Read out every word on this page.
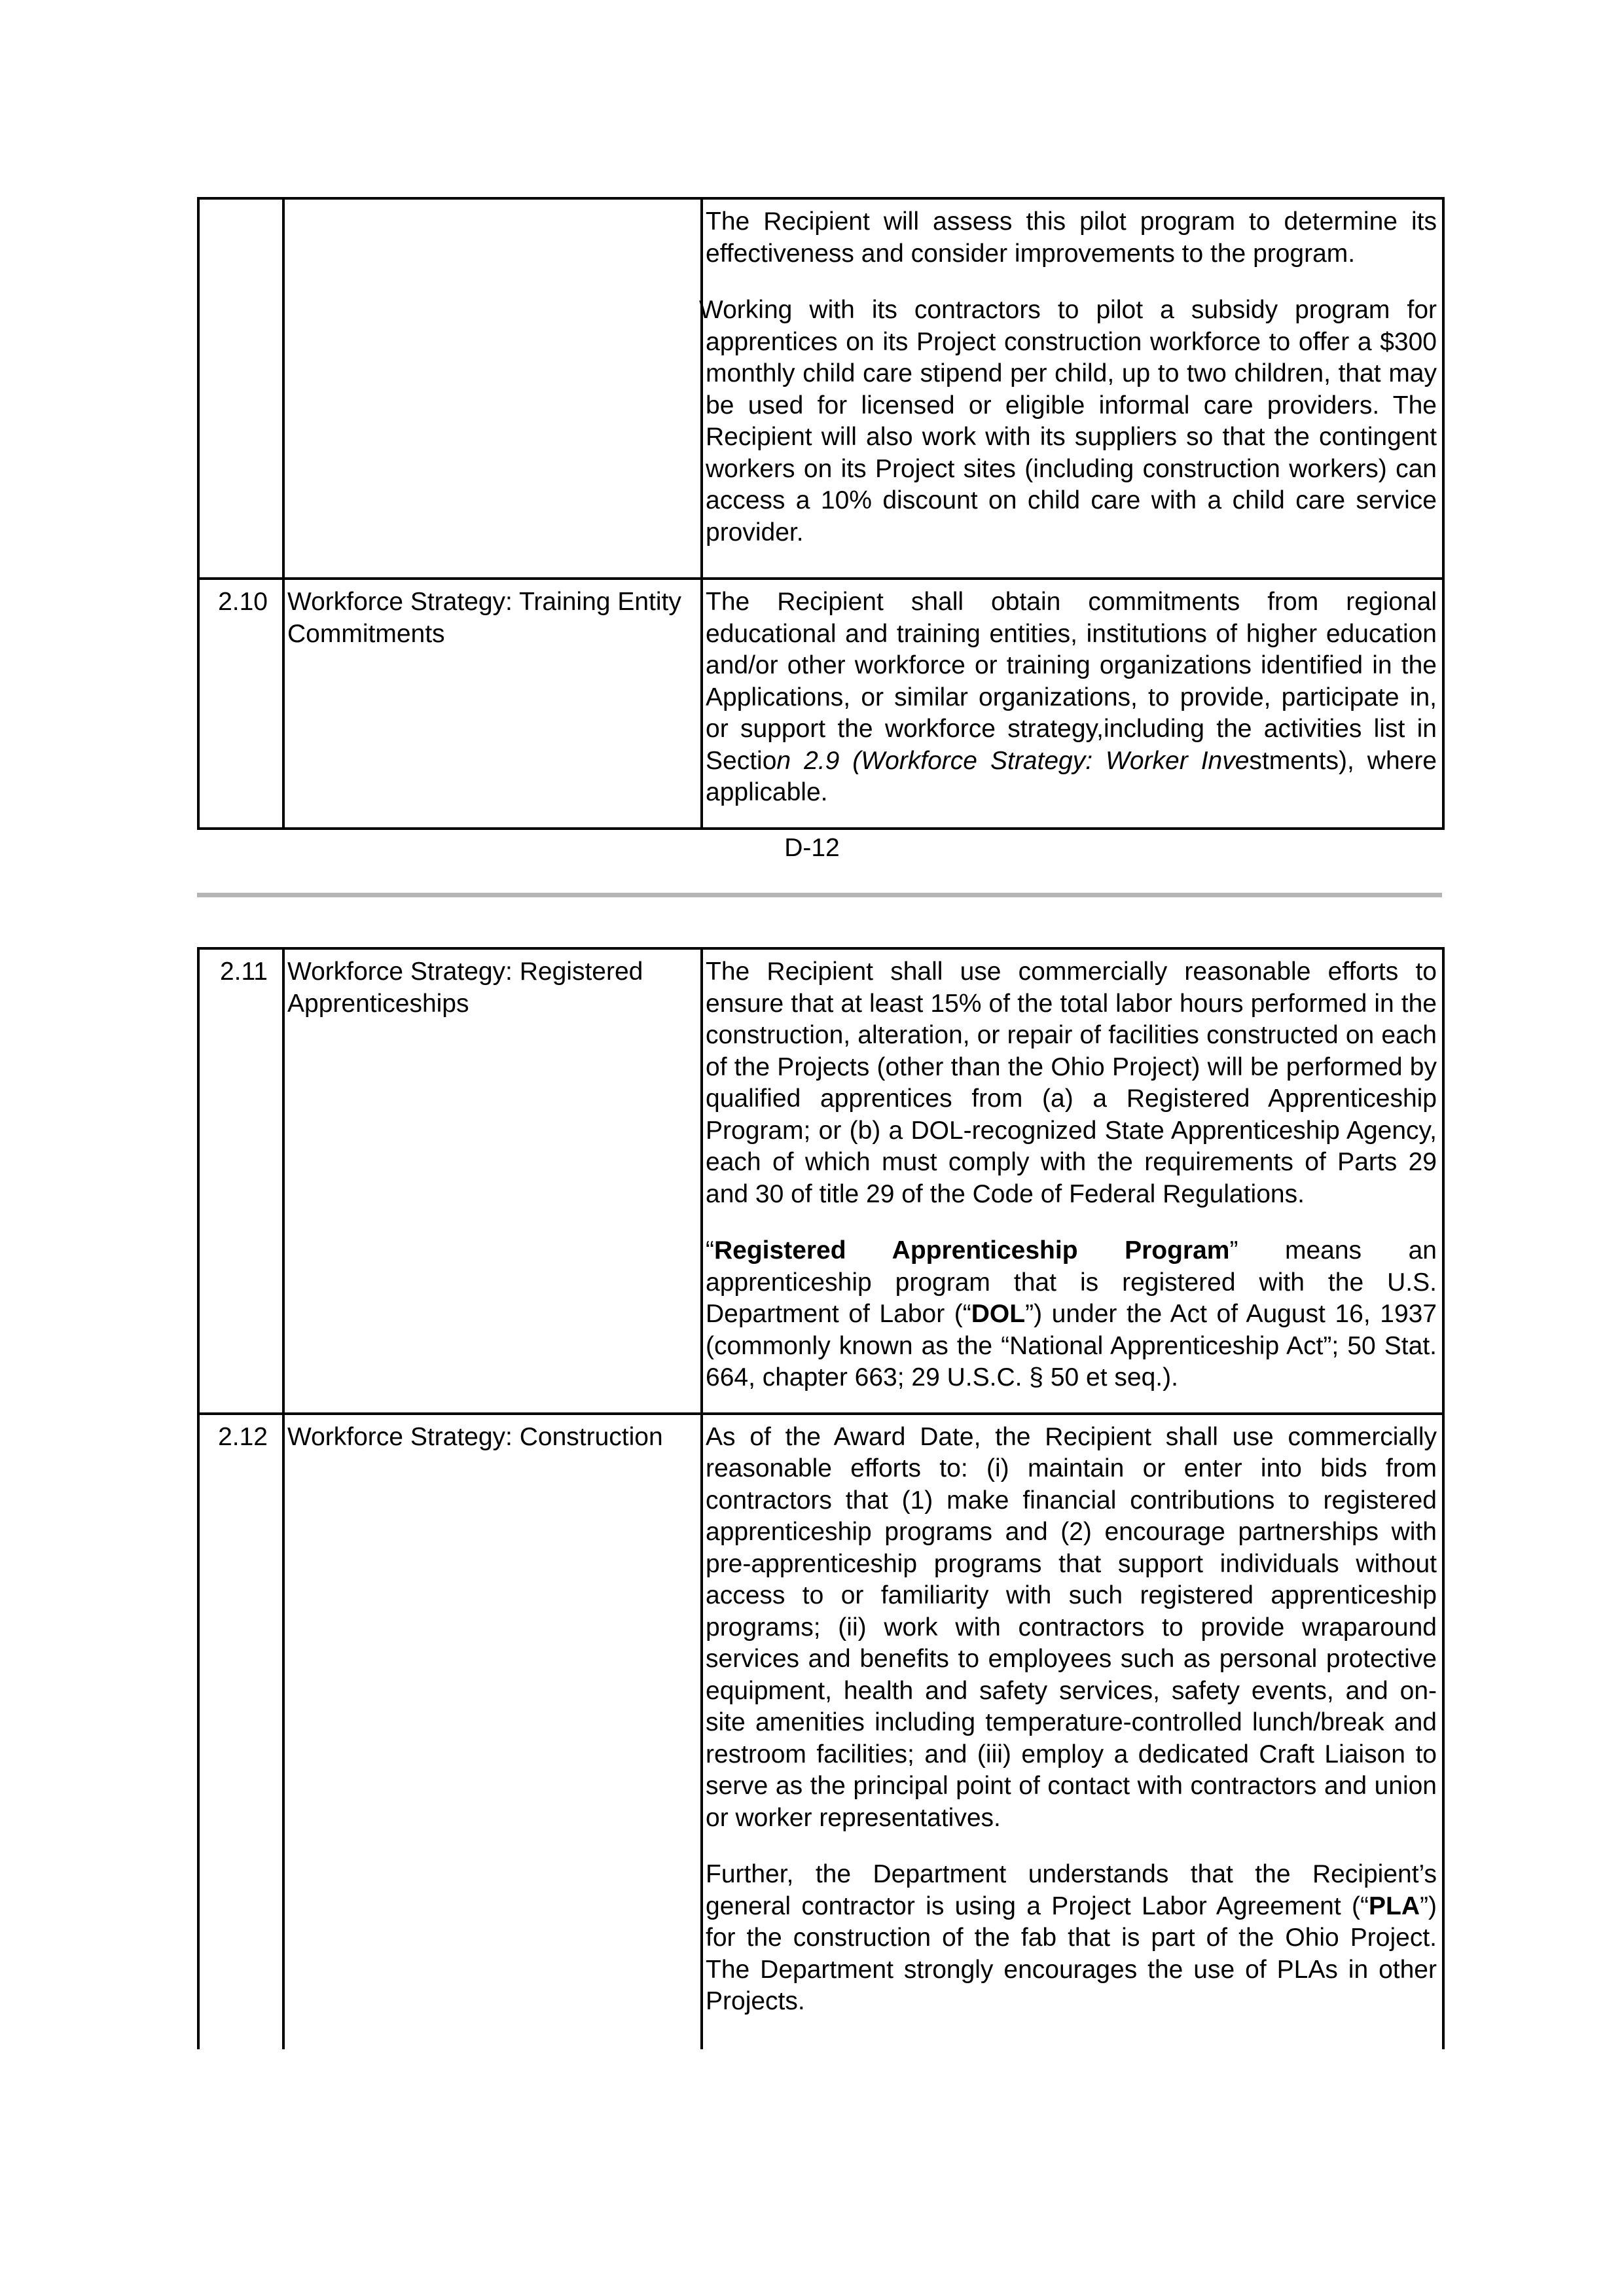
		The Recipient will assess this pilot program to determine its effectiveness and consider improvements to the program.

Working with its contractors to pilot a subsidy program for apprentices on its Project construction workforce to offer a $300 monthly child care stipend per child, up to two children, that may be used for licensed or eligible informal care providers. The Recipient will also work with its suppliers so that the contingent workers on its Project sites (including construction workers) can access a 10% discount on child care with a child care service provider.

2.10	Workforce Strategy: Training Entity Commitments	The Recipient shall obtain commitments from regional educational and training entities, institutions of higher education and/or other workforce or training organizations identified in the Applications, or similar organizations, to provide, participate in, or support the workforce strategy,including the activities list in Section 2.9 (Workforce Strategy: Worker Investments), where applicable.

D-12
2.11	Workforce Strategy: Registered Apprenticeships	The Recipient shall use commercially reasonable efforts to ensure that at least 15% of the total labor hours performed in the construction, alteration, or repair of facilities constructed on each of the Projects (other than the Ohio Project) will be performed by qualified apprentices from (a) a Registered Apprenticeship Program; or (b) a DOL-recognized State Apprenticeship Agency, each of which must comply with the requirements of Parts 29 and 30 of title 29 of the Code of Federal Regulations.

“Registered Apprenticeship Program” means an apprenticeship program that is registered with the U.S. Department of Labor (“DOL”) under the Act of August 16, 1937 (commonly known as the “National Apprenticeship Act”; 50 Stat. 664, chapter 663; 29 U.S.C. § 50 et seq.).

2.12	Workforce Strategy: Construction	As of the Award Date, the Recipient shall use commercially reasonable efforts to: (i) maintain or enter into bids from contractors that (1) make financial contributions to registered apprenticeship programs and (2) encourage partnerships with pre-apprenticeship programs that support individuals without access to or familiarity with such registered apprenticeship programs; (ii) work with contractors to provide wraparound services and benefits to employees such as personal protective equipment, health and safety services, safety events, and on-site amenities including temperature-controlled lunch/break and restroom facilities; and (iii) employ a dedicated Craft Liaison to serve as the principal point of contact with contractors and union or worker representatives.

Further, the Department understands that the Recipient’s general contractor is using a Project Labor Agreement (“PLA”) for the construction of the fab that is part of the Ohio Project. The Department strongly encourages the use of PLAs in other Projects.
